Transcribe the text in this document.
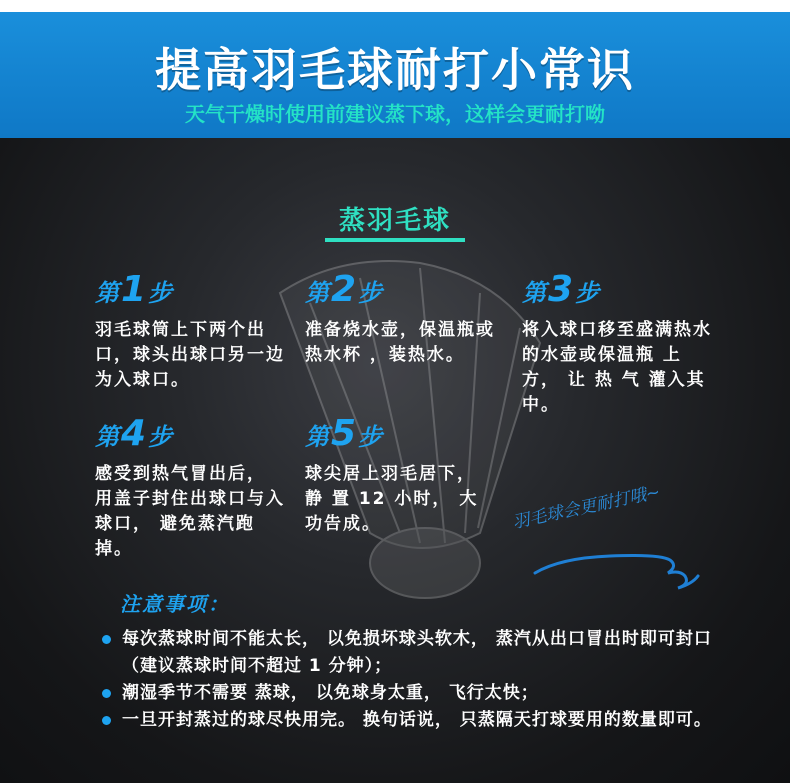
提高羽毛球耐打小常识
天气干燥时使用前建议蒸下球，这样会更耐打呦
蒸羽毛球
第1步
羽毛球筒上下两个出口，球头出球口另一边为入球口。
第2步
准备烧水壶，保温瓶或热水杯 ，装热水。
第3步
将入球口移至盛满热水的水壶或保温瓶 上 方， 让 热 气 灌入其中。
第4步
感受到热气冒出后， 用盖子封住出球口与入球口， 避免蒸汽跑掉。
第5步
球尖居上羽毛居下， 静 置 12 小时， 大功告成。	羽毛球会更耐打哦~
注意事项：
每次蒸球时间不能太长， 以免损坏球头软木， 蒸汽从出口冒出时即可封口 （建议蒸球时间不超过 1 分钟）；
潮湿季节不需要 蒸球， 以免球身太重， 飞行太快；
一旦开封蒸过的球尽快用完。 换句话说， 只蒸隔天打球要用的数量即可。
